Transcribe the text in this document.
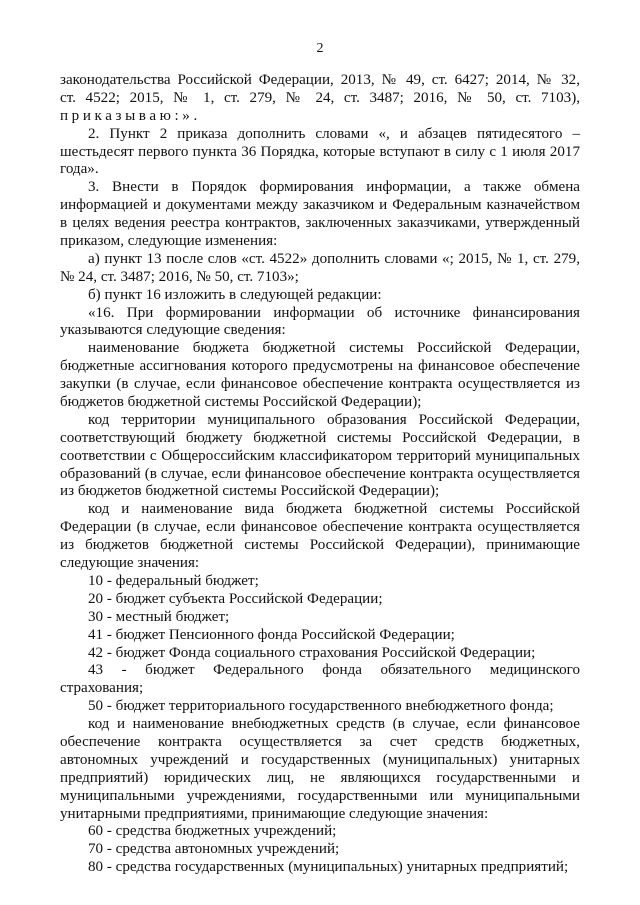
2
законодательства Российской Федерации, 2013, № 49, ст. 6427; 2014, № 32,
ст. 4522; 2015, № 1, ст. 279, № 24, ст. 3487; 2016, № 50, ст. 7103),
приказываю:».
2. Пункт 2 приказа дополнить словами «, и абзацев пятидесятого –
шестьдесят первого пункта 36 Порядка, которые вступают в силу с 1 июля 2017
года».
3. Внести в Порядок формирования информации, а также обмена
информацией и документами между заказчиком и Федеральным казначейством
в целях ведения реестра контрактов, заключенных заказчиками, утвержденный
приказом, следующие изменения:
а) пункт 13 после слов «ст. 4522» дополнить словами «; 2015, № 1, ст. 279,
№ 24, ст. 3487; 2016, № 50, ст. 7103»;
б) пункт 16 изложить в следующей редакции:
«16. При формировании информации об источнике финансирования
указываются следующие сведения:
наименование бюджета бюджетной системы Российской Федерации,
бюджетные ассигнования которого предусмотрены на финансовое обеспечение
закупки (в случае, если финансовое обеспечение контракта осуществляется из
бюджетов бюджетной системы Российской Федерации);
код территории муниципального образования Российской Федерации,
соответствующий бюджету бюджетной системы Российской Федерации, в
соответствии с Общероссийским классификатором территорий муниципальных
образований (в случае, если финансовое обеспечение контракта осуществляется
из бюджетов бюджетной системы Российской Федерации);
код и наименование вида бюджета бюджетной системы Российской
Федерации (в случае, если финансовое обеспечение контракта осуществляется
из бюджетов бюджетной системы Российской Федерации), принимающие
следующие значения:
10 - федеральный бюджет;
20 - бюджет субъекта Российской Федерации;
30 - местный бюджет;
41 - бюджет Пенсионного фонда Российской Федерации;
42 - бюджет Фонда социального страхования Российской Федерации;
43 - бюджет Федерального фонда обязательного медицинского
страхования;
50 - бюджет территориального государственного внебюджетного фонда;
код и наименование внебюджетных средств (в случае, если финансовое
обеспечение контракта осуществляется за счет средств бюджетных,
автономных учреждений и государственных (муниципальных) унитарных
предприятий) юридических лиц, не являющихся государственными и
муниципальными учреждениями, государственными или муниципальными
унитарными предприятиями, принимающие следующие значения:
60 - средства бюджетных учреждений;
70 - средства автономных учреждений;
80 - средства государственных (муниципальных) унитарных предприятий;
